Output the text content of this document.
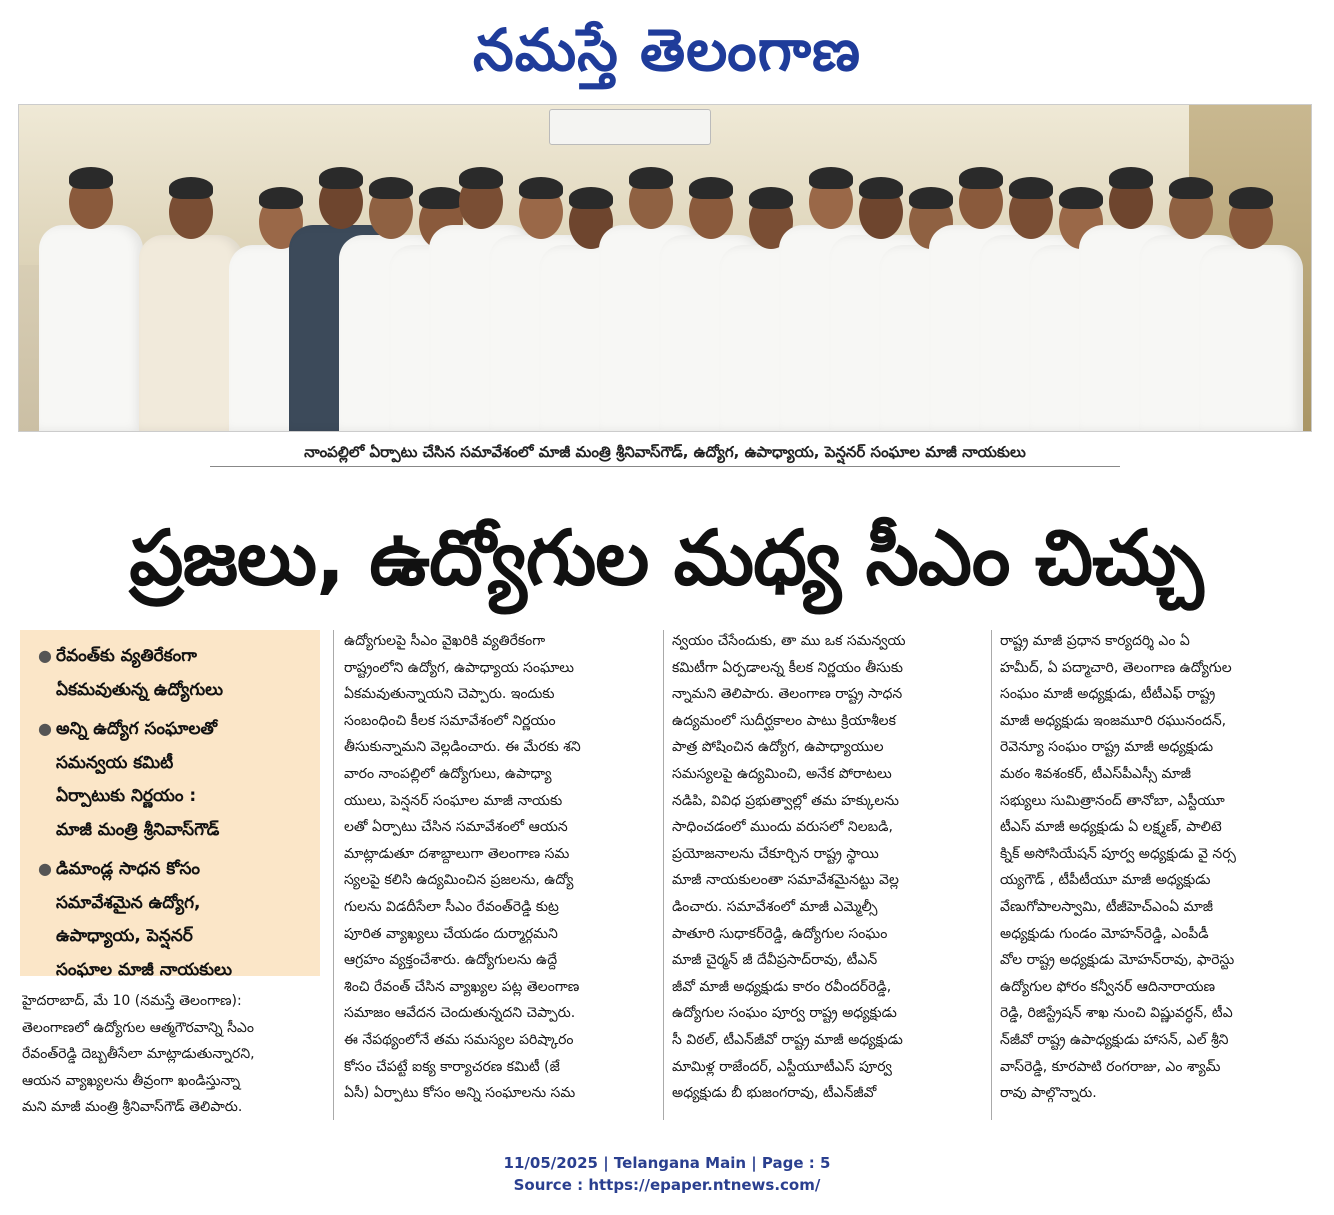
నమస్తే తెలంగాణ
నాంపల్లిలో ఏర్పాటు చేసిన సమావేశంలో మాజీ మంత్రి శ్రీనివాస్‌గౌడ్, ఉద్యోగ, ఉపాధ్యాయ, పెన్షనర్ సంఘాల మాజీ నాయకులు
ప్రజలు, ఉద్యోగుల మధ్య సీఎం చిచ్చు
● రేవంత్‌కు వ్యతిరేకంగా
ఏకమవుతున్న ఉద్యోగులు
● అన్ని ఉద్యోగ సంఘాలతో
సమన్వయ కమిటీ
ఏర్పాటుకు నిర్ణయం :
మాజీ మంత్రి శ్రీనివాస్‌గౌడ్
● డిమాండ్ల సాధన కోసం
సమావేశమైన ఉద్యోగ,
ఉపాధ్యాయ, పెన్షనర్
సంఘాల మాజీ నాయకులు
హైదరాబాద్, మే 10 (నమస్తే తెలంగాణ):
తెలంగాణలో ఉద్యోగుల ఆత్మగౌరవాన్ని సీఎం
రేవంత్‌రెడ్డి దెబ్బతీసేలా మాట్లాడుతున్నారని,
ఆయన వ్యాఖ్యలను తీవ్రంగా ఖండిస్తున్నా
మని మాజీ మంత్రి శ్రీనివాస్‌గౌడ్ తెలిపారు.
ఉద్యోగులపై సీఎం వైఖరికి వ్యతిరేకంగా
రాష్ట్రంలోని ఉద్యోగ, ఉపాధ్యాయ సంఘాలు
ఏకమవుతున్నాయని చెప్పారు. ఇందుకు
సంబంధించి కీలక సమావేశంలో నిర్ణయం
తీసుకున్నామని వెల్లడించారు. ఈ మేరకు శని
వారం నాంపల్లిలో ఉద్యోగులు, ఉపాధ్యా
యులు, పెన్షనర్ సంఘాల మాజీ నాయకు
లతో ఏర్పాటు చేసిన సమావేశంలో ఆయన
మాట్లాడుతూ దశాబ్దాలుగా తెలంగాణ సమ
స్యలపై కలిసి ఉద్యమించిన ప్రజలను, ఉద్యో
గులను విడదీసేలా సీఎం రేవంత్‌రెడ్డి కుట్ర
పూరిత వ్యాఖ్యలు చేయడం దుర్మార్గమని
ఆగ్రహం వ్యక్తంచేశారు. ఉద్యోగులను ఉద్దే
శించి రేవంత్ చేసిన వ్యాఖ్యల పట్ల తెలంగాణ
సమాజం ఆవేదన చెందుతున్నదని చెప్పారు.
ఈ నేపథ్యంలోనే తమ సమస్యల పరిష్కారం
కోసం చేపట్టే ఐక్య కార్యాచరణ కమిటీ (జే
ఏసీ) ఏర్పాటు కోసం అన్ని సంఘాలను సమ
న్వయం చేసేందుకు, తా ము ఒక సమన్వయ
కమిటీగా ఏర్పడాలన్న కీలక నిర్ణయం తీసుకు
న్నామని తెలిపారు. తెలంగాణ రాష్ట్ర సాధన
ఉద్యమంలో సుదీర్ఘకాలం పాటు క్రియాశీలక
పాత్ర పోషించిన ఉద్యోగ, ఉపాధ్యాయుల
సమస్యలపై ఉద్యమించి, అనేక పోరాటలు
నడిపి, వివిధ ప్రభుత్వాల్లో తమ హక్కులను
సాధించడంలో ముందు వరుసలో నిలబడి,
ప్రయోజనాలను చేకూర్చిన రాష్ట్ర స్థాయి
మాజీ నాయకులంతా సమావేశమైనట్టు వెల్ల
డించారు. సమావేశంలో మాజీ ఎమ్మెల్సీ
పాతూరి సుధాకర్‌రెడ్డి, ఉద్యోగుల సంఘం
మాజీ చైర్మన్ జీ దేవీప్రసాద్‌రావు, టీఎన్
జీవో మాజీ అధ్యక్షుడు కారం రవీందర్‌రెడ్డి,
ఉద్యోగుల సంఘం పూర్వ రాష్ట్ర అధ్యక్షుడు
సీ విఠల్, టీఎన్‌జీవో రాష్ట్ర మాజీ అధ్యక్షుడు
మామిళ్ల రాజేందర్, ఎస్టీయూటీఎస్ పూర్వ
అధ్యక్షుడు బీ భుజంగరావు, టీఎన్‌జీవో
రాష్ట్ర మాజీ ప్రధాన కార్యదర్శి ఎం ఏ
హమీద్, ఏ పద్మాచారి, తెలంగాణ ఉద్యోగుల
సంఘం మాజీ అధ్యక్షుడు, టీటీఎఫ్ రాష్ట్ర
మాజీ అధ్యక్షుడు ఇంజమూరి రఘునందన్,
రెవెన్యూ సంఘం రాష్ట్ర మాజీ అధ్యక్షుడు
మఠం శివశంకర్, టీఎస్‌పీఎస్సీ మాజీ
సభ్యులు సుమిత్రానంద్ తానోబా, ఎస్టీయూ
టీఎస్ మాజీ అధ్యక్షుడు ఏ లక్ష్మణ్, పాలిటె
క్నిక్ అసోసియేషన్ పూర్వ అధ్యక్షుడు వై నర్స
య్యగౌడ్ , టీపీటీయూ మాజీ అధ్యక్షుడు
వేణుగోపాలస్వామి, టీజీహెచ్‌ఎంఏ మాజీ
అధ్యక్షుడు గుండం మోహన్‌రెడ్డి, ఎంపీడీ
వోల రాష్ట్ర అధ్యక్షుడు మోహన్‌రావు, ఫారెస్టు
ఉద్యోగుల ఫోరం కన్వీనర్ ఆదినారాయణ
రెడ్డి, రిజిస్ట్రేషన్ శాఖ నుంచి విష్ణువర్ధన్, టీఎ
న్‌జీవో రాష్ట్ర ఉపాధ్యక్షుడు హాసన్, ఎల్ శ్రీని
వాస్‌రెడ్డి, కూరపాటి రంగరాజు, ఎం శ్యామ్
రావు పాల్గొన్నారు.
11/05/2025 | Telangana Main | Page : 5
Source : https://epaper.ntnews.com/
